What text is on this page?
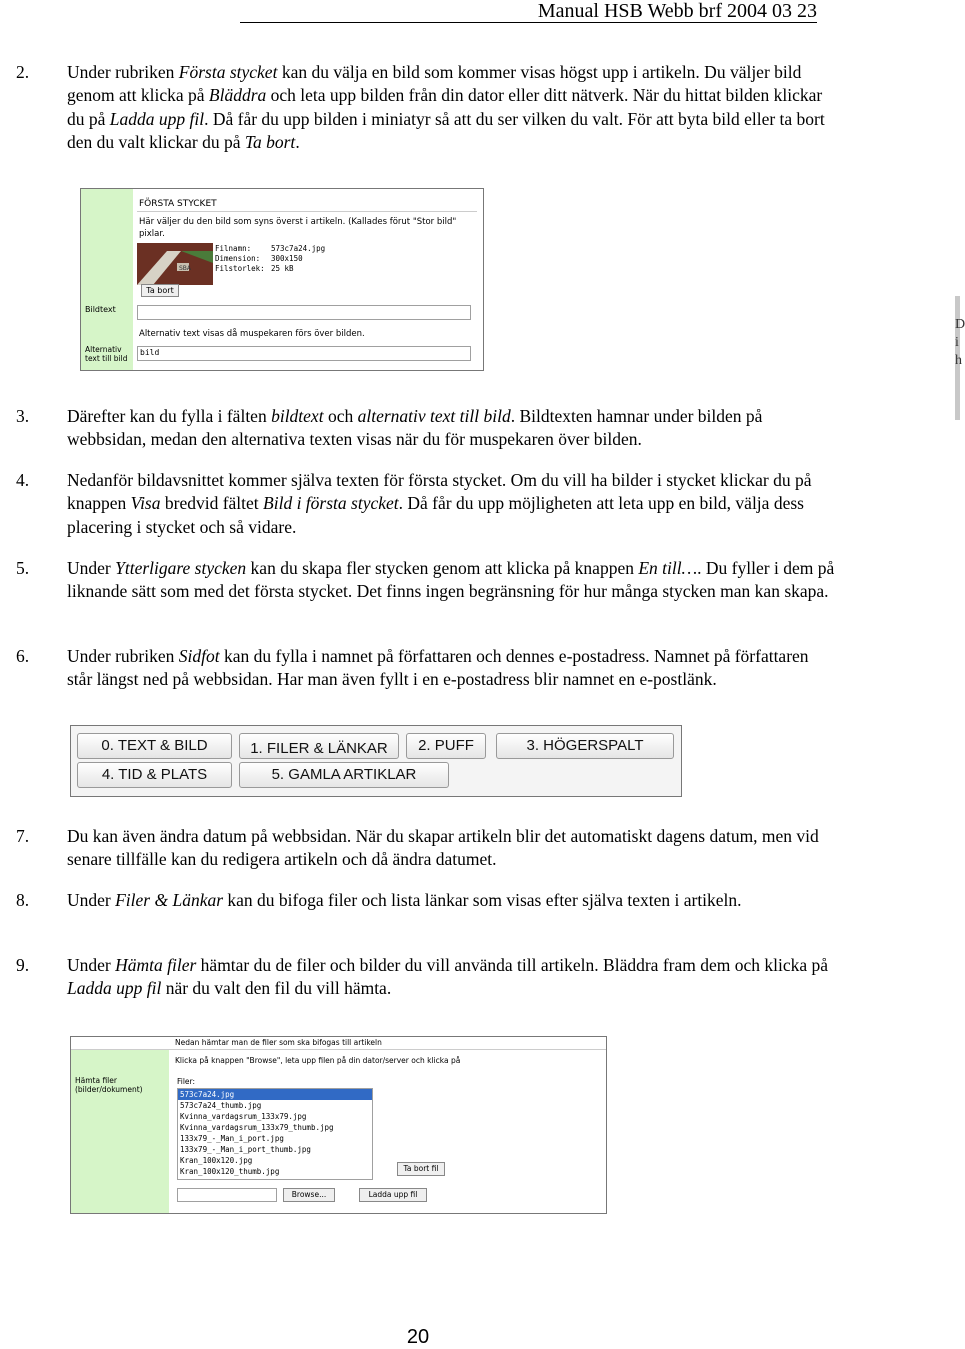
Manual HSB Webb brf 2004 03 23
2. Under rubriken Första stycket kan du välja en bild som kommer visas högst upp i artikeln. Du väljer bild genom att klicka på Bläddra och leta upp bilden från din dator eller ditt nätverk. När du hittat bilden klickar du på Ladda upp fil. Då får du upp bilden i miniatyr så att du ser vilken du valt. För att byta bild eller ta bort den du valt klickar du på Ta bort.
Bildtext
Alternativ text till bild
FÖRSTA STYCKET
Här väljer du den bild som syns överst i artikeln. (Kallades förut "Stor bild" pixlar.
SBA
Filnamn:	573c7a24.jpg
Dimension: 300x150
Filstorlek: 25 kB
Ta bort
Alternativ text visas då muspekaren förs över bilden.
bild
3. Därefter kan du fylla i fälten bildtext och alternativ text till bild. Bildtexten hamnar under bilden på webbsidan, medan den alternativa texten visas när du för muspekaren över bilden.
4. Nedanför bildavsnittet kommer själva texten för första stycket. Om du vill ha bilder i stycket klickar du på knappen Visa bredvid fältet Bild i första stycket. Då får du upp möjligheten att leta upp en bild, välja dess placering i stycket och så vidare.
5. Under Ytterligare stycken kan du skapa fler stycken genom att klicka på knappen En till…. Du fyller i dem på liknande sätt som med det första stycket. Det finns ingen begränsning för hur många stycken man kan skapa.
6. Under rubriken Sidfot kan du fylla i namnet på författaren och dennes e-postadress. Namnet på författaren står längst ned på webbsidan. Har man även fyllt i en e-postadress blir namnet en e-postlänk.
0. TEXT & BILD	1. FILER & LÄNKAR	2. PUFF	3. HÖGERSPALT
4. TID & PLATS	5. GAMLA ARTIKLAR
7. Du kan även ändra datum på webbsidan. När du skapar artikeln blir det automatiskt dagens datum, men vid senare tillfälle kan du redigera artikeln och då ändra datumet.
8. Under Filer & Länkar kan du bifoga filer och lista länkar som visas efter själva texten i artikeln.
9. Under Hämta filer hämtar du de filer och bilder du vill använda till artikeln. Bläddra fram dem och klicka på Ladda upp fil när du valt den fil du vill hämta.
Nedan hämtar man de filer som ska bifogas till artikeln
Hämta filer (bilder/dokument)
Klicka på knappen "Browse", leta upp filen på din dator/server och klicka på
Filer:
573c7a24.jpg
573c7a24_thumb.jpg
Kvinna_vardagsrum_133x79.jpg
Kvinna_vardagsrum_133x79_thumb.jpg
133x79_-_Man_i_port.jpg
133x79_-_Man_i_port_thumb.jpg
Kran_100x120.jpg
Kran_100x120_thumb.jpg	Ta bort fil
Browse...	Ladda upp fil
20
D i h
